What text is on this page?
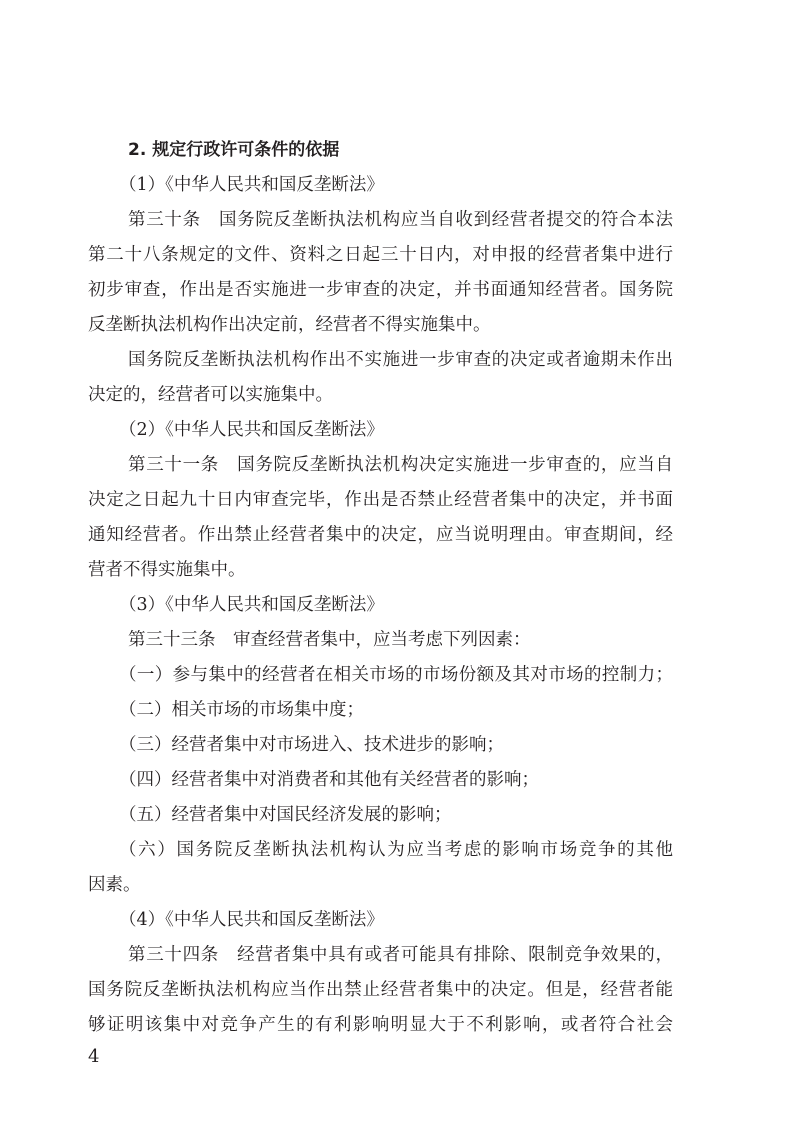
2. 规定行政许可条件的依据
（1）《中华人民共和国反垄断法》
第三十条　国务院反垄断执法机构应当自收到经营者提交的符合本法
第二十八条规定的文件、资料之日起三十日内，对申报的经营者集中进行
初步审查，作出是否实施进一步审查的决定，并书面通知经营者。国务院
反垄断执法机构作出决定前，经营者不得实施集中。
国务院反垄断执法机构作出不实施进一步审查的决定或者逾期未作出
决定的，经营者可以实施集中。
（2）《中华人民共和国反垄断法》
第三十一条　国务院反垄断执法机构决定实施进一步审查的，应当自
决定之日起九十日内审查完毕，作出是否禁止经营者集中的决定，并书面
通知经营者。作出禁止经营者集中的决定，应当说明理由。审查期间，经
营者不得实施集中。
（3）《中华人民共和国反垄断法》
第三十三条　审查经营者集中，应当考虑下列因素：
（一）参与集中的经营者在相关市场的市场份额及其对市场的控制力；
（二）相关市场的市场集中度；
（三）经营者集中对市场进入、技术进步的影响；
（四）经营者集中对消费者和其他有关经营者的影响；
（五）经营者集中对国民经济发展的影响；
（六）国务院反垄断执法机构认为应当考虑的影响市场竞争的其他
因素。
（4）《中华人民共和国反垄断法》
第三十四条　经营者集中具有或者可能具有排除、限制竞争效果的，
国务院反垄断执法机构应当作出禁止经营者集中的决定。但是，经营者能
够证明该集中对竞争产生的有利影响明显大于不利影响，或者符合社会
4
